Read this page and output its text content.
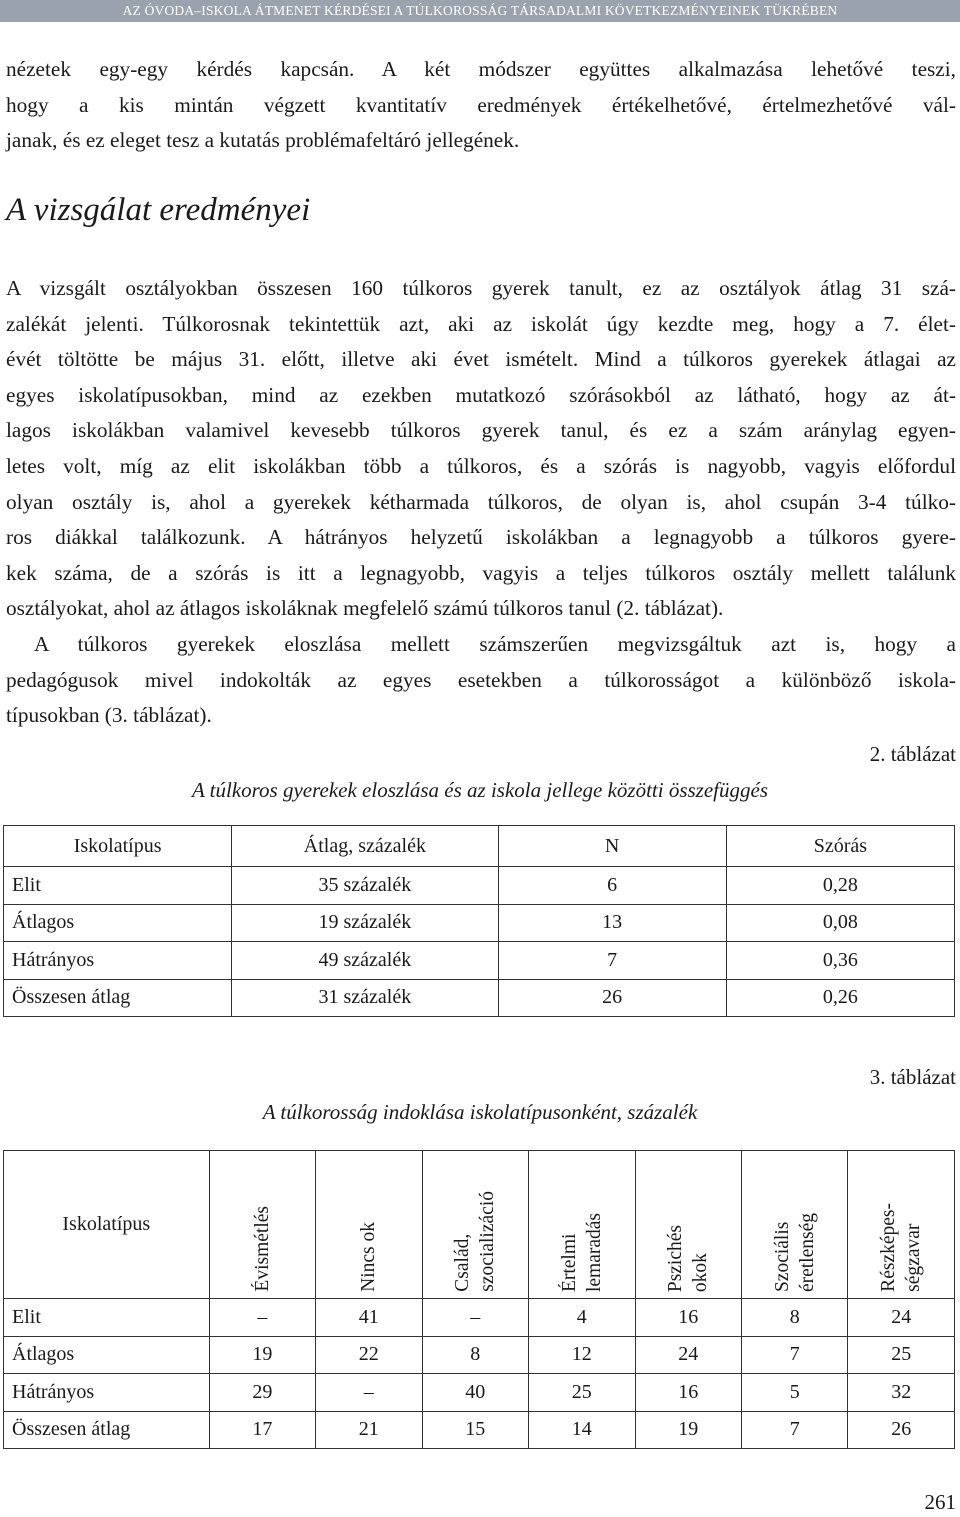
AZ ÓVODA–ISKOLA ÁTMENET KÉRDÉSEI A TÚLKOROSSÁG TÁRSADALMI KÖVETKEZMÉNYEINEK TÜKRÉBEN

nézetek egy-egy kérdés kapcsán. A két módszer együttes alkalmazása lehetővé teszi,

hogy a kis mintán végzett kvantitatív eredmények értékelhetővé, értelmezhetővé vál-

janak, és ez eleget tesz a kutatás problémafeltáró jellegének.

A vizsgálat eredményei

A vizsgált osztályokban összesen 160 túlkoros gyerek tanult, ez az osztályok átlag 31 szá-

zalékát jelenti. Túlkorosnak tekintettük azt, aki az iskolát úgy kezdte meg, hogy a 7. élet-

évét töltötte be május 31. előtt, illetve aki évet ismételt. Mind a túlkoros gyerekek átlagai az

egyes iskolatípusokban, mind az ezekben mutatkozó szórásokból az látható, hogy az át-

lagos iskolákban valamivel kevesebb túlkoros gyerek tanul, és ez a szám aránylag egyen-

letes volt, míg az elit iskolákban több a túlkoros, és a szórás is nagyobb, vagyis előfordul

olyan osztály is, ahol a gyerekek kétharmada túlkoros, de olyan is, ahol csupán 3-4 túlko-

ros diákkal találkozunk. A hátrányos helyzetű iskolákban a legnagyobb a túlkoros gyere-

kek száma, de a szórás is itt a legnagyobb, vagyis a teljes túlkoros osztály mellett találunk

osztályokat, ahol az átlagos iskoláknak megfelelő számú túlkoros tanul (2. táblázat).

A túlkoros gyerekek eloszlása mellett számszerűen megvizsgáltuk azt is, hogy a

pedagógusok mivel indokolták az egyes esetekben a túlkorosságot a különböző iskola-

típusokban (3. táblázat).

2. táblázat
A túlkoros gyerekek eloszlása és az iskola jellege közötti összefüggés
Iskolatípus	Átlag, százalék	N	Szórás
Elit	35 százalék	6	0,28
Átlagos	19 százalék	13	0,08
Hátrányos	49 százalék	7	0,36
Összesen átlag	31 százalék	26	0,26
3. táblázat
A túlkorosság indoklása iskolatípusonként, százalék
Iskolatípus	Évismétlés	Nincs ok	Család, szocializáció	Értelmi lemaradás	Pszichés okok	Szociális éretlenség	Részképes- ségzavar

Elit	–	41	–	4	16	8	24
Átlagos	19	22	8	12	24	7	25
Hátrányos	29	–	40	25	16	5	32
Összesen átlag	17	21	15	14	19	7	26
261
